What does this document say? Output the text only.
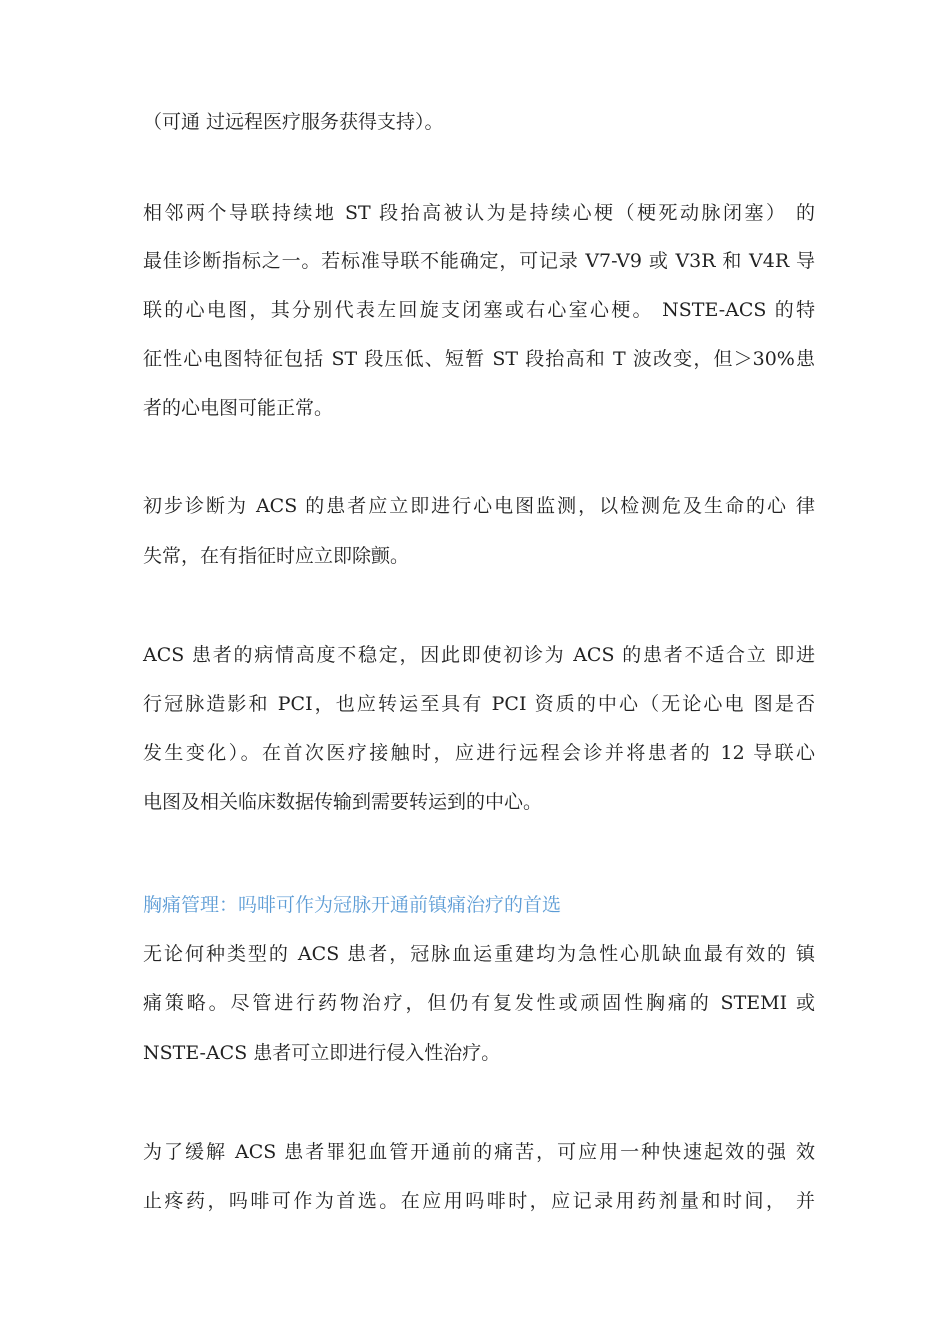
（可通 过远程医疗服务获得支持）。
相邻两个导联持续地 ST 段抬高被认为是持续心梗（梗死动脉闭塞） 的
最佳诊断指标之一。若标准导联不能确定，可记录 V7-V9 或 V3R 和 V4R 导
联的心电图，其分别代表左回旋支闭塞或右心室心梗。 NSTE-ACS 的特
征性心电图特征包括 ST 段压低、短暂 ST 段抬高和 T 波改变，但＞30%患
者的心电图可能正常。
初步诊断为 ACS 的患者应立即进行心电图监测，以检测危及生命的心 律
失常，在有指征时应立即除颤。
ACS 患者的病情高度不稳定，因此即使初诊为 ACS 的患者不适合立 即进
行冠脉造影和 PCI，也应转运至具有 PCI 资质的中心（无论心电 图是否
发生变化）。在首次医疗接触时，应进行远程会诊并将患者的 12 导联心
电图及相关临床数据传输到需要转运到的中心。
胸痛管理：吗啡可作为冠脉开通前镇痛治疗的首选
无论何种类型的 ACS 患者，冠脉血运重建均为急性心肌缺血最有效的 镇
痛策略。尽管进行药物治疗，但仍有复发性或顽固性胸痛的 STEMI 或
NSTE-ACS 患者可立即进行侵入性治疗。
为了缓解 ACS 患者罪犯血管开通前的痛苦，可应用一种快速起效的强 效
止疼药，吗啡可作为首选。在应用吗啡时，应记录用药剂量和时间， 并
